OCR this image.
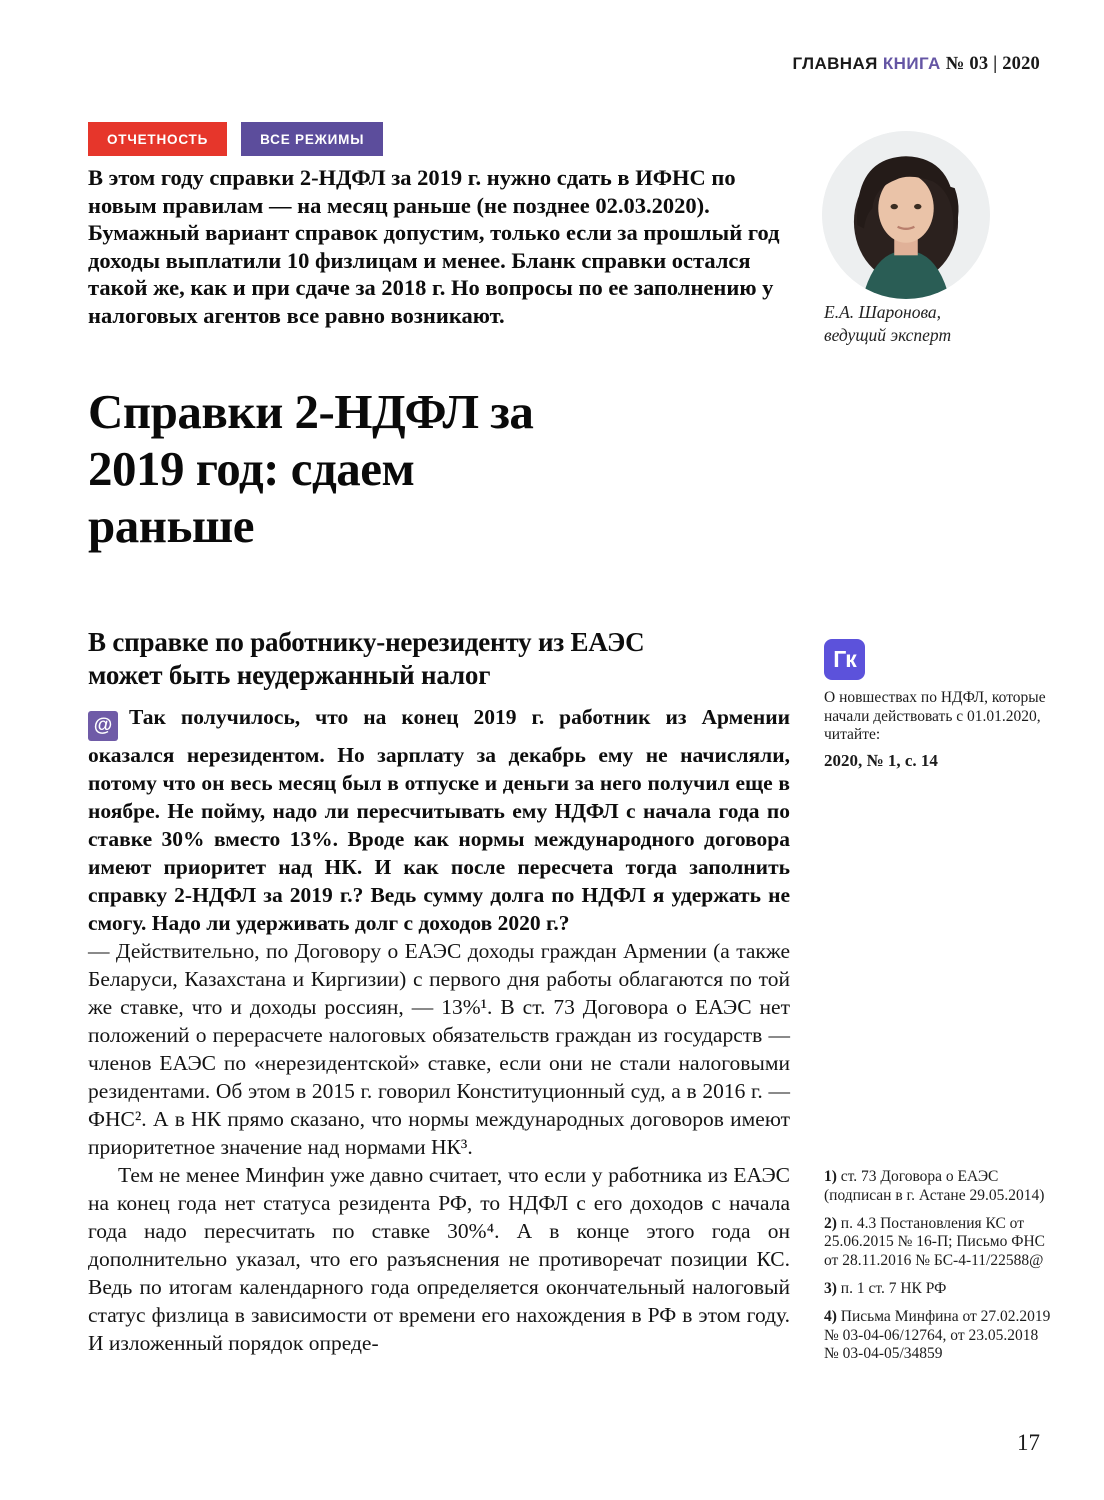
ГЛАВНАЯ КНИГА № 03 | 2020
ОТЧЕТНОСТЬ	ВСЕ РЕЖИМЫ
В этом году справки 2-НДФЛ за 2019 г. нужно сдать в ИФНС по новым правилам — на месяц раньше (не позднее 02.03.2020). Бумажный вариант справок допустим, только если за прошлый год доходы выплатили 10 физлицам и менее. Бланк справки остался такой же, как и при сдаче за 2018 г. Но вопросы по ее заполнению у налоговых агентов все равно возникают.	Е.А. Шаронова,
ведущий эксперт
Справки 2-НДФЛ за 2019 год: сдаем раньше
В справке по работнику-нерезиденту из ЕАЭС может быть неудержанный налог

@ Так получилось, что на конец 2019 г. работник из Армении оказался нерезидентом. Но зарплату за декабрь ему не начисляли, потому что он весь месяц был в отпуске и деньги за него получил еще в ноябре. Не пойму, надо ли пересчитывать ему НДФЛ с начала года по ставке 30% вместо 13%. Вроде как нормы международного договора имеют приоритет над НК. И как после пересчета тогда заполнить справку 2-НДФЛ за 2019 г.? Ведь сумму долга по НДФЛ я удержать не смогу. Надо ли удерживать долг с доходов 2020 г.?

— Действительно, по Договору о ЕАЭС доходы граждан Армении (а также Беларуси, Казахстана и Киргизии) с первого дня работы облагаются по той же ставке, что и доходы россиян, — 13%¹. В ст. 73 Договора о ЕАЭС нет положений о перерасчете налоговых обязательств граждан из государств — членов ЕАЭС по «нерезидентской» ставке, если они не стали налоговыми резидентами. Об этом в 2015 г. говорил Конституционный суд, а в 2016 г. — ФНС². А в НК прямо сказано, что нормы международных договоров имеют приоритетное значение над нормами НК³.

Тем не менее Минфин уже давно считает, что если у работника из ЕАЭС на конец года нет статуса резидента РФ, то НДФЛ с его доходов с начала года надо пересчитать по ставке 30%⁴. А в конце этого года он дополнительно указал, что его разъяснения не противоречат позиции КС. Ведь по итогам календарного года определяется окончательный налоговый статус физлица в зависимости от времени его нахождения в РФ в этом году. И изложенный порядок опреде-

Гк
О новшествах по НДФЛ, которые начали действовать с 01.01.2020, читайте:
2020, № 1, с. 14

1) ст. 73 Договора о ЕАЭС (подписан в г. Астане 29.05.2014)

2) п. 4.3 Постановления КС от 25.06.2015 № 16-П; Письмо ФНС от 28.11.2016 № БС-4-11/22588@

3) п. 1 ст. 7 НК РФ

4) Письма Минфина от 27.02.2019 № 03-04-06/12764, от 23.05.2018 № 03-04-05/34859

17
